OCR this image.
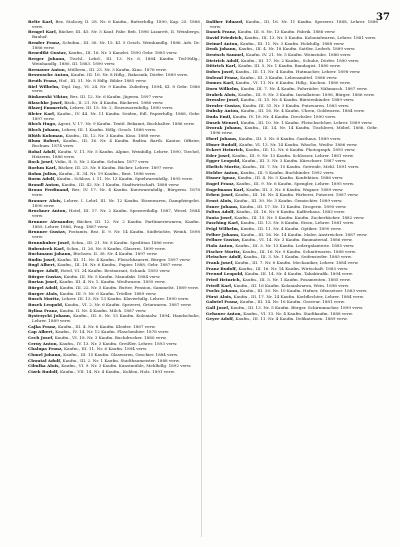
37

Belte Karl, Bez. Stoliczy, II. 28. Nr. 6 Kaufm., Butterhdlg. 1890, Kap. 25. 1886 verw.

Bengel Karl, Bäcker, III. 45. Nr. 5 Kauf. Fabr. Beb. 1896 Lazarett, II. Weinbergs, Bauhof.

Bender Franz, Schuhm., III. 36. Nr. 15. Kl. 5 Gesch. Weinhandlg. 1886. Arb. Dr. 1886 verw.

Benedikt Gustav, Kaufm., III. 16. Nr. 3 Kanzlei. 1890 Gebr. 1885 verw.

Berger Johann, Tischl., Lehrl., III. 13. Nr. 6. 1884 Kaufm. Teil-Hdlg., Weinhandlg. 1880, III. 1883. 1890 verw.

Bernauer Anton, Müllerm., III. 23. Nr. 3 Kaufm. Kino. 1876 verw.

Beswosche Anton, Kaufm. III. 16. Nr. 8 Hdlg., Rakosnik, Dörfer. 1889 verw.

Beuth Franz, Hof., III. 51. Nr. 8 Hdlg. Bilder 1885 verw.

Biel Wilhelm, Dipl. Ing., VI. 24. Nr. 9 Kaufm. Zulieferg. 1894, Kl. 8 Gebr. 1886 verw.

Binkowski Viktor, Bez. III. 12. Nr. 6 Kaufm. Jägerm. 1897 verw.

Blaschke Josef, Bäck., II. 21. Nr. 4 Kaufm. Bäckerei. 1886 verw.

Blazej Emmerich, Lehrer, III. 15. Nr. 2. Eisenwarenhdlg. 1890 verw.

Bleier Karl, Kaufm., IV. 44. Nr. 11 Kaufm. Seiden, Edl. Papierhdlg. 1888, Gebr. 1897 verw.

Bloch Hugo, Agent, V. 17. Nr. 9 Kaufm. Textil. Bekannt, Buchhalter. 1886 verw.

Bloch Johann, Lehrer, III. 1 Kaufm. Hdlg. Gesch. 1888 verw.

Blüth Koloman, Kaufm., III. 12. Nr. 3 Kaufm. Kino. 1888 verw.

Blum Robert, Kaufm., III. 16. Nr. 4 Kaufm. Radtm. Barth. Kantor, Offizier, Bochum. 1874 verw.

Bobal Adolf, Kaufm. V. 11. Nr. 5 Kaufm. Alpine, Weinhdlg. Lehrer. 1890, Tiechel, Heizerm. 1886 verw.

Bock Josef, Vidin, II. 8. Nr. 2 Kaufm. Schuhm. 1877 verw.

Boehm Karl, Bäcker, III. 23. Nr. 8 Kaufm. Bäcker, Lehrer. 1897 verw.

Bohm Julius, Kaufm., II. 34. Nr. 19 Kaufm., Brot. 1896 verw.

Borm Adolf, Kaufm., Schloss. I. 11. Nr. 13 Kaufm. Spielwarenhdlg. 1895 verw.

Brandl Anton, Kaufm., III. 42. Nr. 1 Kaufm. Stadtwirtschaft. 1888 verw.

Braun Ferdinand, Bez. IV. 17. Nr. 4 Kaufm. Kurzwarenhdlg., Bürgerm. 1878 verw.

Brauner Alois, Lehrer, I. Lehrl. III. Nr. 12 Kaufm. Eisenwaren, Dampfziegelei. 1890 verw.

Bruckner Anton, Hotel, III. 17. Nr. 2 Kaufm. Spezereihdlg. 1887, Wesel. 1884 verw.

Brunner Alexander, Bäcker, III. 12. Nr. 2 Kaufm. Parfümeriewaren, Kaufm. 1885, Lehrer 1886, Prag. 1887 verw.

Brunner Gustav, Postamts. Bez. II. 9. Nr. 14 Kaufm. Südfrüchte, Weinh. 1898 verw.

Brunnhuber Josef, Schm., III. 21. Nr. 8 Kaufm. Spedition 1886 verw.

Bubenicek Karl, Schm., II. 26. Nr. 8 Kaufm. Glaserei. 1899 verw.

Buchmann Johann, Büchsen. II. 38. Nr. 4 Kaufm. 1897 verw.

Budin Josef, Kaufm. III. 11. Nr. 4 Kaufm., Fleischhauerei. Bürger. 1897 verw.

Bugl Albert, Kaufm., III. 18. Nr. 6 Kaufm., Papier. 1888, Gebr. 1887 verw.

Bürger Adolf, Hotel, VI. 24 Kaufm. Restaurant, Schank. 1893 verw.

Bürger Gustav, Kaufm. III. Nr. 5 Kaufm. Manufakt. 1884 verw.

Burian Josef, Kaufm. III. 4. Nr. 1. Kaufm. Weißwaren. 1895 verw.

Bürgel Adolf, Kaufm. III. 22. Nr. 5 Kaufm. Butter. Pension, Sammelst. 1889 verw.

Burger Alois, Kaufm. III. 9. Nr. 6 Kaufm. Trödler. 1889 verw.

Busch Moritz, Lehrer. III. 13. Nr. 13 Kaufm. Klavierhdlg. Lehrer. 1890 verw.

Busek Leopold, Kaufm., VI. 2. Nr. 6 Kaufm. Spezerei, Grünwaren. 1887 verw.

Bylina Franz, Kaufm. II. Nr. 4 Kaufm. Milch. 1887 verw.

Bystrzycki Johann, Kaufm., III. 6. Nr. 15 Kaufm. Kolonialw. 1894, Handschuhe, Lehrer. 1889 verw.

Cajka Franz, Kaufm., III. 4. Nr. 6 Kaufm. Kleider. 1887 verw.

Cap Albert, Kaufm., IV. 14. Nr. 12 Kaufm. Flaschenbier. 1878 verw.

Cech Josef, Kaufm., VI. 18. Nr. 3 Kaufm. Buchdrucker. 1880 verw.

Cerny Anton, Kaufm., IV. 13. Nr. 3 Kaufm. Greißler, Lehrer. 1893 verw.

Chalupa Franz, Kaufm., III. 11. Nr. 6 Kaufm. 1894 verw.

Chmel Johann, Kaufm., III. 15 Kaufm. Glaswaren, Geschirr. 1884 verw.

Chwatal Adolf, Kaufm., III. 2. Nr. 1 Kaufm. Stadtbaumeister. 1888 verw.

Cibulka Alois, Kaufm., VI. 9. Nr. 3 Kaufm. Kunstmühle, Mehlhdlg. 1892 verw.

Cizek Rudolf, Kaufm., VII. 14. Nr. 4 Kaufm., Kohlen, Holz. 1891 verw.

Daliber Eduard, Kaufm., III. 16. Nr. 11 Kaufm. Spezerei. 1888, Lehrer. 1886 verw.

Danek Franz, Kaufm. III. 6. Nr. 13 Kaufm. Fabrik. 1886 verw.

David Friedrich, Kaufm., III. 13. Nr. 5 Kaufm. Kolonialwaren, Lehrer. 1881 verw.

Deimel Anton, Kaufm., III. 11. Nr. 3 Kaufm. Holzhdlg. 1888 verw.

Denk Johann, Kaufm., III. 4. Nr. 18 Kaufm. Sattler, Lederh. 1889 verw.

Deutsch Samuel, Kaufm. IV. 21. Nr. 5 Kaufm. Weinstube. 1886 verw.

Dietrich Adolf, Kaufm., III. 17. Nr. 2 Kaufm., Schuhe, Dörfer. 1890 verw.

Dittrich Karl, Kaufm. III. 5. Nr. 1 Kaufm. Bandagist. 1880 verw.

Dobes Josef, Kaufm., III. 11. Nr. 4 Kaufm. Hutmacher, Lehrer. 1898 verw.

Dolezal Franz, Kaufm., III. 3 Kaufm. Lebensmittel. 1886 verw.

Domes Karl, Kaufm., VI. 11. Nr. 6 Kaufm. Hdlg., Kuchen. 1880 verw.

Dorn Wilhelm, Kaufm. III. 7. Nr. 4 Kaufm. Fahrräder, Nähmasch. 1887 verw.

Drabek Alois, Kaufm., III. 9. Nr. 3 Kaufm. Installateur. 1896, Bürger. 1886 verw.

Dressler Josef, Kaufm., II. 15. Nr. 4 Kaufm. Bürstenbinder. 1889 verw.

Drexler Gustav, Kaufm. III. 31. Nr. 3 Kaufm. Putzwaren. 1883 verw.

Dubsky Anton, Kaufm., III. 16. Nr. 4 Kaufm. Uhren, Goldwaren. 1884 verw.

Duda Emil, Kaufm. IV. 18. Nr. 4 Kaufm. Drechsler. 1890 verw.

Dusek Wenzel, Kaufm., III. 10. Nr. 1 Kaufm. Fleischselcher, Lehrer. 1889 verw.

Dvorak Johann, Kaufm., III. 14. Nr. 14 Kaufm. Tischlerei, Möbel. 1886, Gebr. 1896 verw.

Eberl Johann, Kaufm., III. 3. Nr. 6 Kaufm. Gasthaus. 1889 verw.

Ebner Rudolf, Kaufm. VI. 13. Nr. 14 Kaufm. Wäsche, Weißw. 1886 verw.

Eckert Heinrich, Kaufm., III. 12. Nr. 6 Kaufm. Photograph. 1893 verw.

Eder Josef, Kaufm., III. 9. Nr. 13 Kaufm. Schlosser, Lehrer. 1881 verw.

Egger Leopold, Kaufm., III. 3. Nr. 3 Kaufm. Kürschner. 1887 verw.

Ehrlich Moritz, Kaufm., III. 7. Nr. 15 Kaufm. Getreide, Mehl. 1891 verw.

Eichler Anton, Kaufm., III. 5 Kaufm. Buchbinder. 1892 verw.

Eisner Ignaz, Kaufm., III. 4. Nr. 3 Kaufm. Konfektion. 1886 verw.

Engel Franz, Kaufm., III. 9. Nr. 6 Kaufm. Spengler, Lehrer. 1895 verw.

Engelmann Karl, Kaufm. III. 3. Nr. 6 Kaufm. Wagner. 1889 verw.

Erben Josef, Kaufm., III. 16. Nr. 4 Kaufm. Färberei, Putzerei. 1887 verw.

Ernst Alois, Kaufm., III. 30. Nr. 3 Kaufm. Gemischtw. 1889 verw.

Exner Johann, Kaufm., III. 17. Nr. 13 Kaufm. Drogerie. 1890 verw.

Faltus Adolf, Kaufm., III. 16. Nr. 6 Kaufm. Kaffeehaus. 1883 verw.

Fanta Josef, Kaufm., III. 15. Nr. 5 Kaufm. Kaufm. Zuckerbäcker. 1882 verw.

Fasching Karl, Kaufm., III. 13. Nr. 8 Kaufm. Eisen, Lehrer. 1881 verw.

Feigl Wilhelm, Kaufm., III. 11. Nr. 4 Kaufm. Optiker. 1890 verw.

Felber Johann, Kaufm., III. 16. Nr. 14 Kaufm. Maler, Anstreicher. 1887 verw.

Fellner Gustav, Kaufm., VI. 14. Nr. 3 Kaufm. Baumaterial. 1886 verw.

Fiala Anton, Kaufm., III. 3. Nr. 13 Kaufm. Ledergalanterie. 1885 verw.

Fischer Moritz, Kaufm., III. 16. Nr. 9 Kaufm. Schnittwaren. 1888 verw.

Fleischer Adolf, Kaufm., III. 3. Nr. 1 Kaufm. Seifensieder. 1885 verw.

Frank Josef, Kaufm., III. 7. Nr. 6 Kaufm. Mechaniker, Lehrer. 1884 verw.

Franz Rudolf, Kaufm., III. 16. Nr. 14 Kaufm. Wirtschaft. 1883 verw.

Freund Leopold, Kaufm. III. 14. Nr. 4 Kaufm. Tabaktrafik. 1894 verw.

Fried Heinrich, Kaufm., III. 5. Nr. 1 Kaufm. Posamenten. 1885 verw.

Friedl Karl, Kaufm., III. 16 Kaufm. Kolonialwaren, Wein. 1898 verw.

Fuchs Johann, Kaufm., III. 30. Nr. 10 Kaufm. Hafner, Ofensetzer. 1883 verw.

Fürst Alois, Kaufm., III. 17. Nr. 14 Kaufm. Korbflechter, Lehrer. 1884 verw.

Gabriel Franz, Kaufm., III. 14. Nr. 16 Kaufm. Graveur. 1881 verw.

Gall Josef, Kaufm., III. 13. Nr. 5 Kaufm. Bürger. Schirmmacher. 1899 verw.

Gebauer Anton, Kaufm., VI. 13. Nr. 4 Kaufm. Stadtkaufm. 1888 verw.

Geyer Adolf, Kaufm., III. 11. Nr. 4 Kaufm. Delikatessen. 1889 verw.
